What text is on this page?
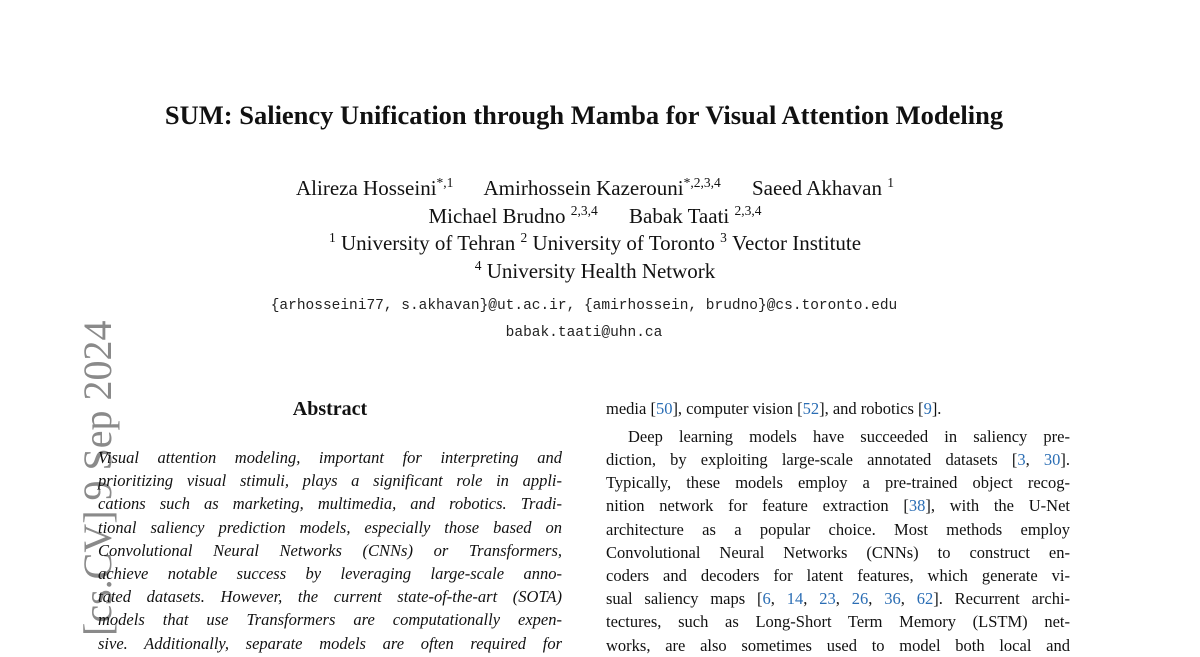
[cs.CV] 9 Sep 2024
SUM: Saliency Unification through Mamba for Visual Attention Modeling
Alireza Hosseini$^{*,1}$ Amirhossein Kazerouni$^{*,2,3,4}$ Saeed Akhavan $^1$
Michael Brudno $^{2,3,4}$ Babak Taati $^{2,3,4}$
$^1$ University of Tehran $^2$ University of Toronto $^3$ Vector Institute
$^4$ University Health Network
{arhosseini77, s.akhavan}@ut.ac.ir, {amirhossein, brudno}@cs.toronto.edu
babak.taati@uhn.ca
Abstract
Visual attention modeling, important for interpreting and
prioritizing visual stimuli, plays a significant role in appli-
cations such as marketing, multimedia, and robotics. Tradi-
tional saliency prediction models, especially those based on
Convolutional Neural Networks (CNNs) or Transformers,
achieve notable success by leveraging large-scale anno-
tated datasets. However, the current state-of-the-art (SOTA)
models that use Transformers are computationally expen-
sive. Additionally, separate models are often required for
media [50], computer vision [52], and robotics [9].
Deep learning models have succeeded in saliency pre-
diction, by exploiting large-scale annotated datasets [3, 30].
Typically, these models employ a pre-trained object recog-
nition network for feature extraction [38], with the U-Net
architecture as a popular choice. Most methods employ
Convolutional Neural Networks (CNNs) to construct en-
coders and decoders for latent features, which generate vi-
sual saliency maps [6, 14, 23, 26, 36, 62]. Recurrent archi-
tectures, such as Long-Short Term Memory (LSTM) net-
works, are also sometimes used to model both local and
